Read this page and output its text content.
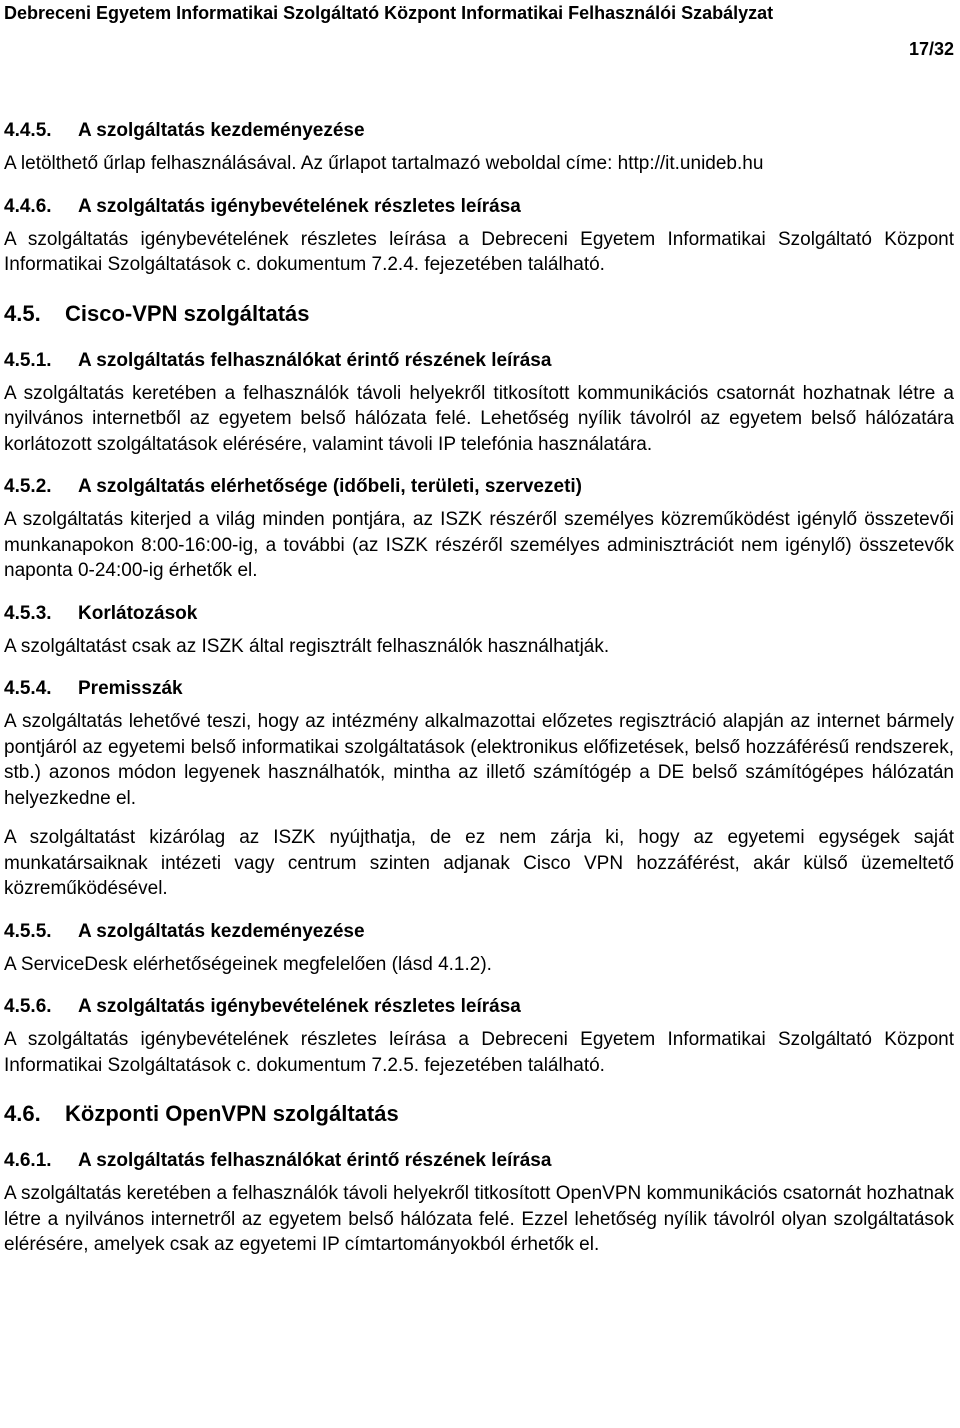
Debreceni Egyetem Informatikai Szolgáltató Központ Informatikai Felhasználói Szabályzat
17/32
4.4.5. A szolgáltatás kezdeményezése

A letölthető űrlap felhasználásával. Az űrlapot tartalmazó weboldal címe: http://it.unideb.hu

4.4.6. A szolgáltatás igénybevételének részletes leírása

A szolgáltatás igénybevételének részletes leírása a Debreceni Egyetem Informatikai Szolgáltató Központ Informatikai Szolgáltatások c. dokumentum 7.2.4. fejezetében található.

4.5. Cisco-VPN szolgáltatás
4.5.1. A szolgáltatás felhasználókat érintő részének leírása

A szolgáltatás keretében a felhasználók távoli helyekről titkosított kommunikációs csatornát hozhatnak létre a nyilvános internetből az egyetem belső hálózata felé. Lehetőség nyílik távolról az egyetem belső hálózatára korlátozott szolgáltatások elérésére, valamint távoli IP telefónia használatára.

4.5.2. A szolgáltatás elérhetősége (időbeli, területi, szervezeti)

A szolgáltatás kiterjed a világ minden pontjára, az ISZK részéről személyes közreműködést igénylő összetevői munkanapokon 8:00-16:00-ig, a további (az ISZK részéről személyes adminisztrációt nem igénylő) összetevők naponta 0-24:00-ig érhetők el.

4.5.3. Korlátozások

A szolgáltatást csak az ISZK által regisztrált felhasználók használhatják.

4.5.4. Premisszák

A szolgáltatás lehetővé teszi, hogy az intézmény alkalmazottai előzetes regisztráció alapján az internet bármely pontjáról az egyetemi belső informatikai szolgáltatások (elektronikus előfizetések, belső hozzáférésű rendszerek, stb.) azonos módon legyenek használhatók, mintha az illető számítógép a DE belső számítógépes hálózatán helyezkedne el.

A szolgáltatást kizárólag az ISZK nyújthatja, de ez nem zárja ki, hogy az egyetemi egységek saját munkatársaiknak intézeti vagy centrum szinten adjanak Cisco VPN hozzáférést, akár külső üzemeltető közreműködésével.

4.5.5. A szolgáltatás kezdeményezése

A ServiceDesk elérhetőségeinek megfelelően (lásd 4.1.2).

4.5.6. A szolgáltatás igénybevételének részletes leírása

A szolgáltatás igénybevételének részletes leírása a Debreceni Egyetem Informatikai Szolgáltató Központ Informatikai Szolgáltatások c. dokumentum 7.2.5. fejezetében található.

4.6. Központi OpenVPN szolgáltatás
4.6.1. A szolgáltatás felhasználókat érintő részének leírása

A szolgáltatás keretében a felhasználók távoli helyekről titkosított OpenVPN kommunikációs csatornát hozhatnak létre a nyilvános internetről az egyetem belső hálózata felé. Ezzel lehetőség nyílik távolról olyan szolgáltatások elérésére, amelyek csak az egyetemi IP címtartományokból érhetők el.
